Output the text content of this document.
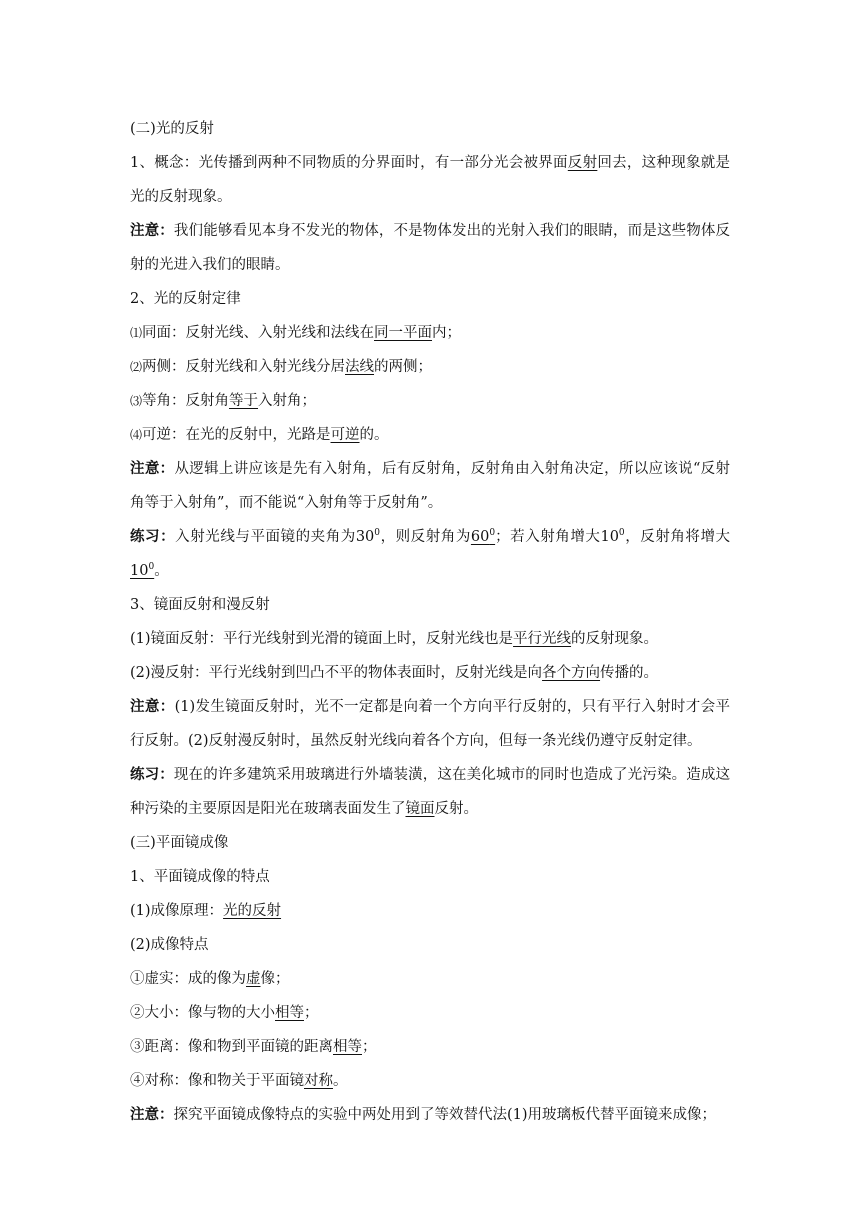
(二)光的反射

1、概念：光传播到两种不同物质的分界面时，有一部分光会被界面反射回去，这种现象就是光的反射现象。

注意：我们能够看见本身不发光的物体，不是物体发出的光射入我们的眼睛，而是这些物体反射的光进入我们的眼睛。

2、光的反射定律

⑴同面：反射光线、入射光线和法线在同一平面内；

⑵两侧：反射光线和入射光线分居法线的两侧；

⑶等角：反射角等于入射角；

⑷可逆：在光的反射中，光路是可逆的。

注意：从逻辑上讲应该是先有入射角，后有反射角，反射角由入射角决定，所以应该说“反射角等于入射角”，而不能说“入射角等于反射角”。

练习：入射光线与平面镜的夹角为$30^0$，则反射角为$60^0$；若入射角增大$10^0$，反射角将增大$10^0$。

3、镜面反射和漫反射

(1)镜面反射：平行光线射到光滑的镜面上时，反射光线也是平行光线的反射现象。

(2)漫反射：平行光线射到凹凸不平的物体表面时，反射光线是向各个方向传播的。

注意：(1)发生镜面反射时，光不一定都是向着一个方向平行反射的，只有平行入射时才会平行反射。(2)反射漫反射时，虽然反射光线向着各个方向，但每一条光线仍遵守反射定律。

练习：现在的许多建筑采用玻璃进行外墙装潢，这在美化城市的同时也造成了光污染。造成这种污染的主要原因是阳光在玻璃表面发生了镜面反射。

(三)平面镜成像

1、平面镜成像的特点

(1)成像原理：光的反射

(2)成像特点

①虚实：成的像为虚像；

②大小：像与物的大小相等；

③距离：像和物到平面镜的距离相等；

④对称：像和物关于平面镜对称。

注意：探究平面镜成像特点的实验中两处用到了等效替代法(1)用玻璃板代替平面镜来成像；
